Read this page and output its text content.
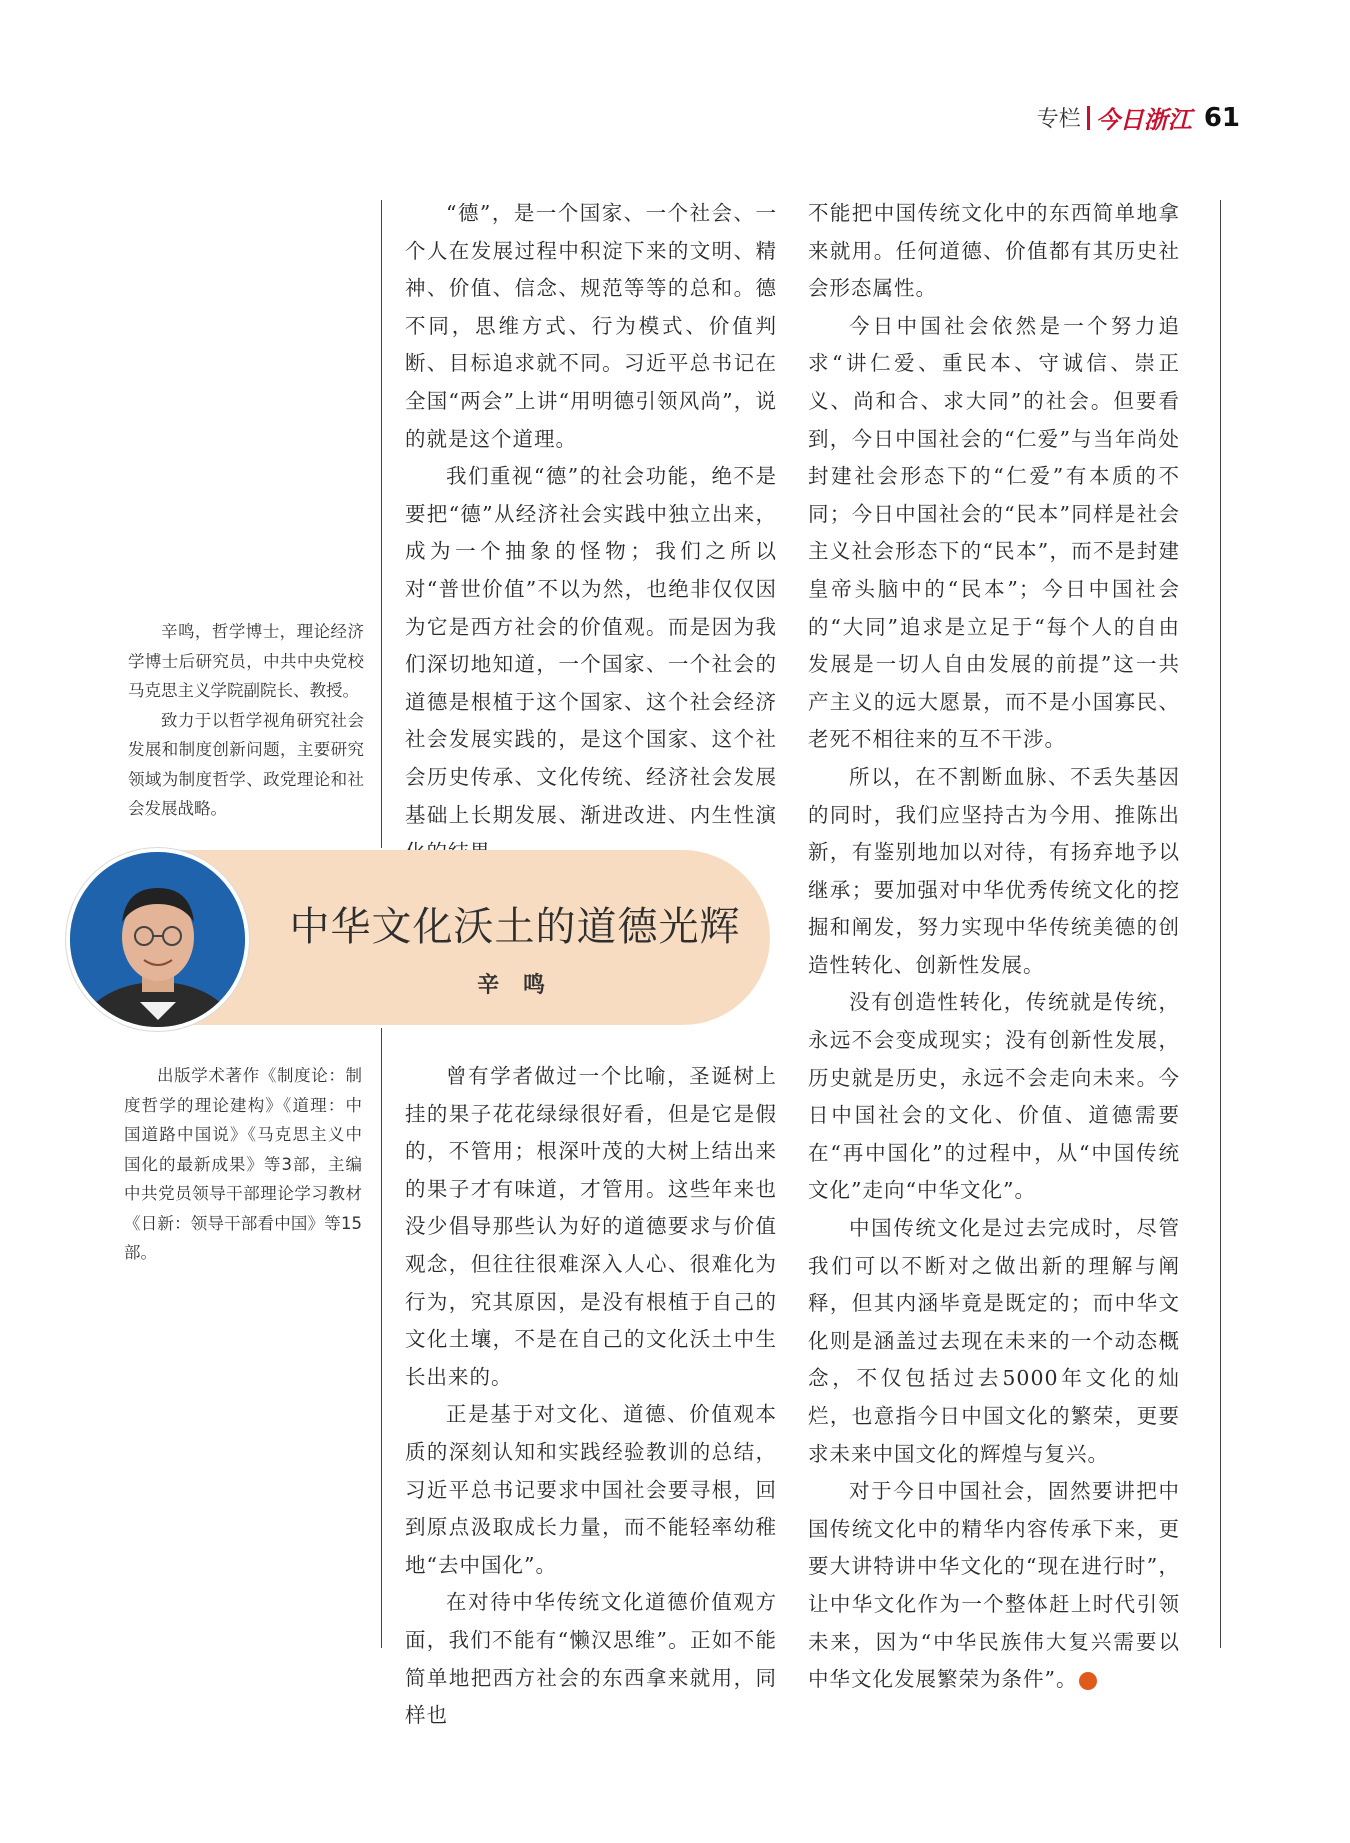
专栏 今日浙江 61

辛鸣，哲学博士，理论经济学博士后研究员，中共中央党校马克思主义学院副院长、教授。

致力于以哲学视角研究社会发展和制度创新问题，主要研究领域为制度哲学、政党理论和社会发展战略。

出版学术著作《制度论：制度哲学的理论建构》《道理：中国道路中国说》《马克思主义中国化的最新成果》等3部，主编中共党员领导干部理论学习教材《日新：领导干部看中国》等15部。

“德”，是一个国家、一个社会、一个人在发展过程中积淀下来的文明、精神、价值、信念、规范等等的总和。德不同，思维方式、行为模式、价值判断、目标追求就不同。习近平总书记在全国“两会”上讲“用明德引领风尚”，说的就是这个道理。

我们重视“德”的社会功能，绝不是要把“德”从经济社会实践中独立出来，成为一个抽象的怪物；我们之所以对“普世价值”不以为然，也绝非仅仅因为它是西方社会的价值观。而是因为我们深切地知道，一个国家、一个社会的道德是根植于这个国家、这个社会经济社会发展实践的，是这个国家、这个社会历史传承、文化传统、经济社会发展基础上长期发展、渐进改进、内生性演

中华文化沃土的道德光辉
辛 鸣

曾有学者做过一个比喻，圣诞树上挂的果子花花绿绿很好看，但是它是假的，不管用；根深叶茂的大树上结出来的果子才有味道，才管用。这些年来也没少倡导那些认为好的道德要求与价值观念，但往往很难深入人心、很难化为行为，究其原因，是没有根植于自己的文化土壤，不是在自己的文化沃土中生长出来的。

正是基于对文化、道德、价值观本质的深刻认知和实践经验教训的总结，习近平总书记要求中国社会要寻根，回到原点汲取成长力量，而不能轻率幼稚地“去中国化”。

在对待中华传统文化道德价值观方面，我们不能有“懒汉思维”。正如不能简单地把西方社会的东西拿来就用，同样也

不能把中国传统文化中的东西简单地拿来就用。任何道德、价值都有其历史社会形态属性。

今日中国社会依然是一个努力追求“讲仁爱、重民本、守诚信、崇正义、尚和合、求大同”的社会。但要看到，今日中国社会的“仁爱”与当年尚处封建社会形态下的“仁爱”有本质的不同；今日中国社会的“民本”同样是社会主义社会形态下的“民本”，而不是封建皇帝头脑中的“民本”；今日中国社会的“大同”追求是立足于“每个人的自由发展是一切人自由发展的前提”这一共产主义的远大愿景，而不是小国寡民、老死不相往来的互不干涉。

所以，在不割断血脉、不丢失基因的同时，我们应坚持古为今用、推陈出新，有鉴别地加以对待，有扬弃地予以继承；要加强对中华优秀传统文化的挖掘和阐发，努力实现中华传统美德的创造性转化、创新性发展。

没有创造性转化，传统就是传统，永远不会变成现实；没有创新性发展，历史就是历史，永远不会走向未来。今日中国社会的文化、价值、道德需要在“再中国化”的过程中，从“中国传统文化”走向“中华文化”。

中国传统文化是过去完成时，尽管我们可以不断对之做出新的理解与阐释，但其内涵毕竟是既定的；而中华文化则是涵盖过去现在未来的一个动态概念，不仅包括过去5000年文化的灿烂，也意指今日中国文化的繁荣，更要求未来中国文化的辉煌与复兴。

对于今日中国社会，固然要讲把中国传统文化中的精华内容传承下来，更要大讲特讲中华文化的“现在进行时”，让中华文化作为一个整体赶上时代引领未来，因为“中华民族伟大复兴需要以中华文化发展繁荣为条件”。
